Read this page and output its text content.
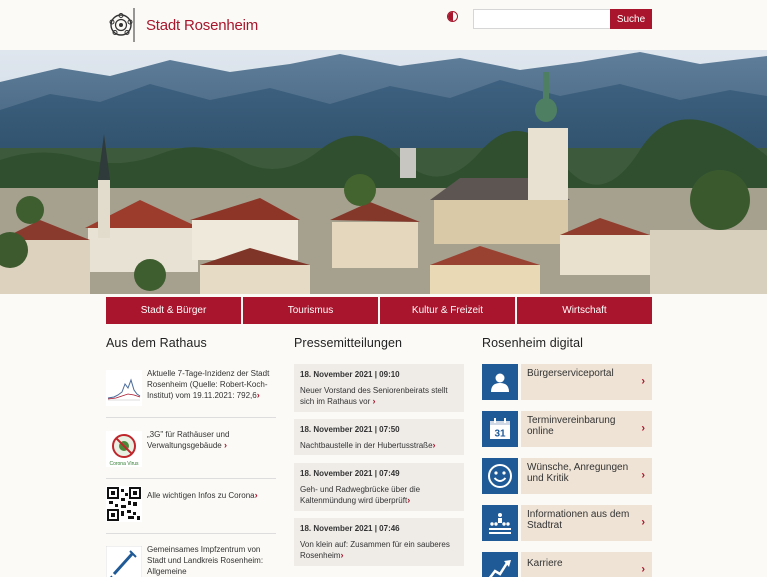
Stadt Rosenheim	Suche
Stadt & Bürger	Tourismus	Kultur & Freizeit	Wirtschaft
Aus dem Rathaus
Aktuelle 7-Tage-Inzidenz der Stadt Rosenheim (Quelle: Robert-Koch-Institut) vom 19.11.2021: 792,6›
Corona Virus
„3G" für Rathäuser und Verwaltungsgebäude ›
Alle wichtigen Infos zu Corona›
Gemeinsames Impfzentrum von Stadt und Landkreis Rosenheim: Allgemeine
Pressemitteilungen
18. November 2021 | 09:10
Neuer Vorstand des Seniorenbeirats stellt sich im Rathaus vor ›
18. November 2021 | 07:50
Nachtbaustelle in der Hubertusstraße›
18. November 2021 | 07:49
Geh- und Radwegbrücke über die Kaltenmündung wird überprüft›
18. November 2021 | 07:46
Von klein auf: Zusammen für ein sauberes Rosenheim›
Rosenheim digital
Bürgerserviceportal
›
31
Terminvereinbarung online	›
Wünsche, Anregungen und Kritik	›
Informationen aus dem Stadtrat	›
Karriere	›
